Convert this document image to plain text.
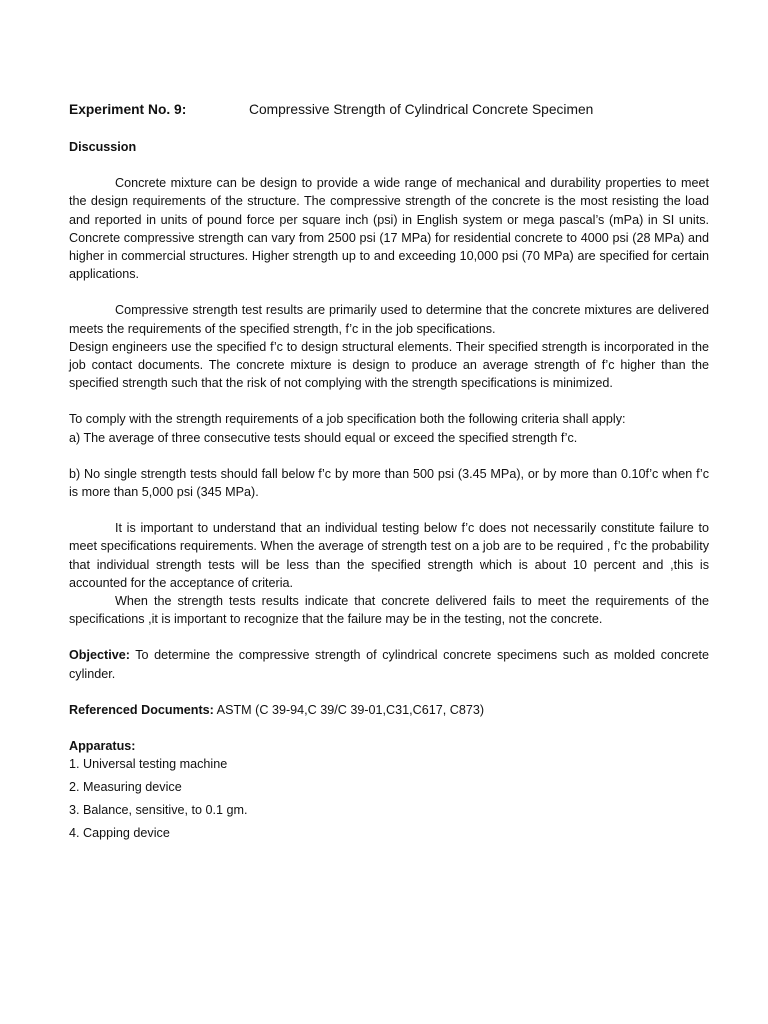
Experiment No. 9:	Compressive Strength of Cylindrical Concrete Specimen
Discussion

Concrete mixture can be design to provide a wide range of mechanical and durability properties to meet the design requirements of the structure. The compressive strength of the concrete is the most resisting the load and reported in units of pound force per square inch (psi) in English system or mega pascal’s (mPa) in SI units. Concrete compressive strength can vary from 2500 psi (17 MPa) for residential concrete to 4000 psi (28 MPa) and higher in commercial structures. Higher strength up to and exceeding 10,000 psi (70 MPa) are specified for certain applications.

Compressive strength test results are primarily used to determine that the concrete mixtures are delivered meets the requirements of the specified strength, f’c in the job specifications.

Design engineers use the specified f’c to design structural elements. Their specified strength is incorporated in the job contact documents. The concrete mixture is design to produce an average strength of f’c higher than the specified strength such that the risk of not complying with the strength specifications is minimized.

To comply with the strength requirements of a job specification both the following criteria shall apply:

a) The average of three consecutive tests should equal or exceed the specified strength f’c.

b) No single strength tests should fall below f’c by more than 500 psi (3.45 MPa), or by more than 0.10f’c when f’c is more than 5,000 psi (345 MPa).

It is important to understand that an individual testing below f’c does not necessarily constitute failure to meet specifications requirements. When the average of strength test on a job are to be required , f’c the probability that individual strength tests will be less than the specified strength which is about 10 percent and ,this is accounted for the acceptance of criteria.

When the strength tests results indicate that concrete delivered fails to meet the requirements of the specifications ,it is important to recognize that the failure may be in the testing, not the concrete.

Objective: To determine the compressive strength of cylindrical concrete specimens such as molded concrete cylinder.

Referenced Documents: ASTM (C 39-94,C 39/C 39-01,C31,C617, C873)

Apparatus:
1. Universal testing machine
2. Measuring device
3. Balance, sensitive, to 0.1 gm.
4. Capping device
